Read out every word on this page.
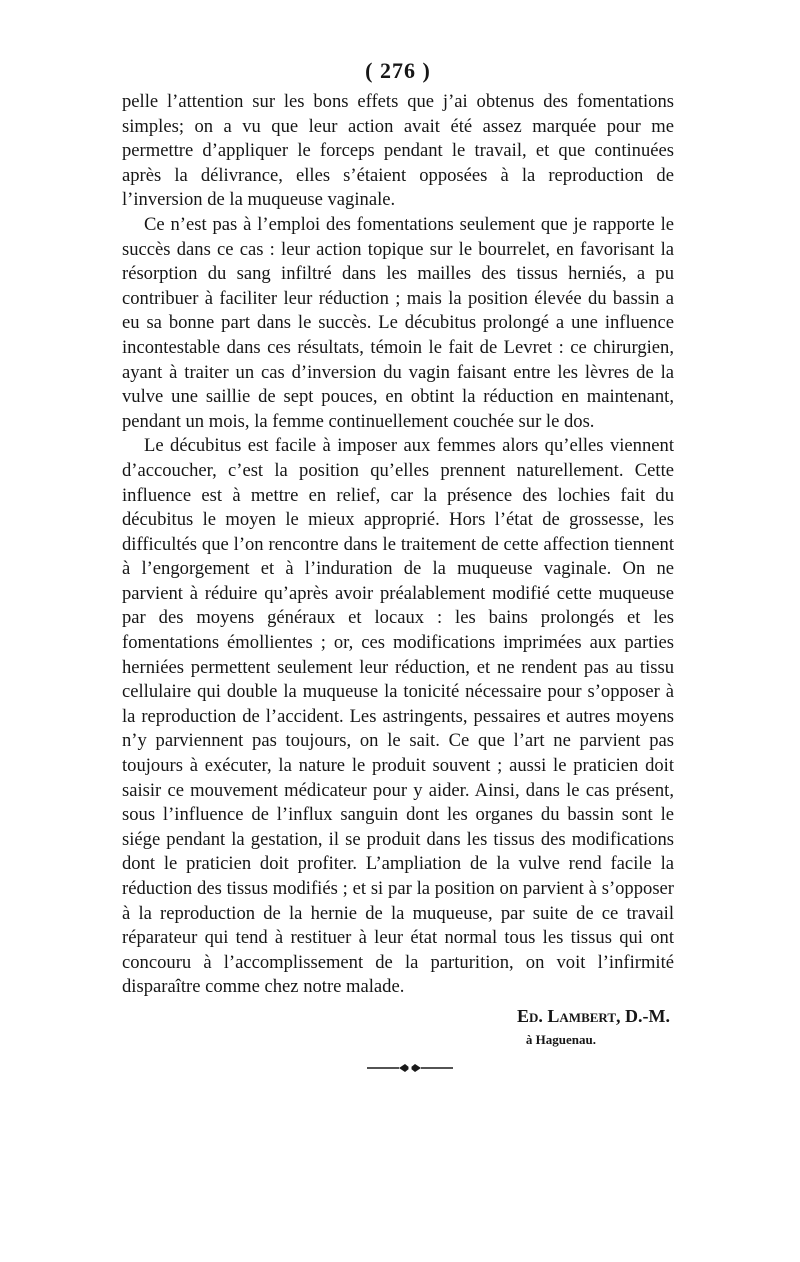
( 276 )

pelle l’attention sur les bons effets que j’ai obtenus des fomentations simples; on a vu que leur action avait été assez marquée pour me permettre d’appliquer le forceps pendant le travail, et que continuées après la délivrance, elles s’étaient opposées à la reproduction de l’inversion de la muqueuse vaginale.

Ce n’est pas à l’emploi des fomentations seulement que je rapporte le succès dans ce cas : leur action topique sur le bourrelet, en favorisant la résorption du sang infiltré dans les mailles des tissus herniés, a pu contribuer à faciliter leur réduction ; mais la position élevée du bassin a eu sa bonne part dans le succès. Le décubitus prolongé a une influence incontestable dans ces résultats, témoin le fait de Levret : ce chirurgien, ayant à traiter un cas d’inversion du vagin faisant entre les lèvres de la vulve une saillie de sept pouces, en obtint la réduction en maintenant, pendant un mois, la femme continuellement couchée sur le dos.

Le décubitus est facile à imposer aux femmes alors qu’elles viennent d’accoucher, c’est la position qu’elles prennent naturellement. Cette influence est à mettre en relief, car la présence des lochies fait du décubitus le moyen le mieux approprié. Hors l’état de grossesse, les difficultés que l’on rencontre dans le traitement de cette affection tiennent à l’engorgement et à l’induration de la muqueuse vaginale. On ne parvient à réduire qu’après avoir préalablement modifié cette muqueuse par des moyens généraux et locaux : les bains prolongés et les fomentations émollientes ; or, ces modifications imprimées aux parties herniées permettent seulement leur réduction, et ne rendent pas au tissu cellulaire qui double la muqueuse la tonicité nécessaire pour s’opposer à la reproduction de l’accident. Les astringents, pessaires et autres moyens n’y parviennent pas toujours, on le sait. Ce que l’art ne parvient pas toujours à exécuter, la nature le produit souvent ; aussi le praticien doit saisir ce mouvement médicateur pour y aider. Ainsi, dans le cas présent, sous l’influence de l’influx sanguin dont les organes du bassin sont le siége pendant la gestation, il se produit dans les tissus des modifications dont le praticien doit profiter. L’ampliation de la vulve rend facile la réduction des tissus modifiés ; et si par la position on parvient à s’opposer à la reproduction de la hernie de la muqueuse, par suite de ce travail réparateur qui tend à restituer à leur état normal tous les tissus qui ont concouru à l’accomplissement de la parturition, on voit l’infirmité disparaître comme chez notre malade.

Ed. Lambert, D.-M.
à Haguenau.
